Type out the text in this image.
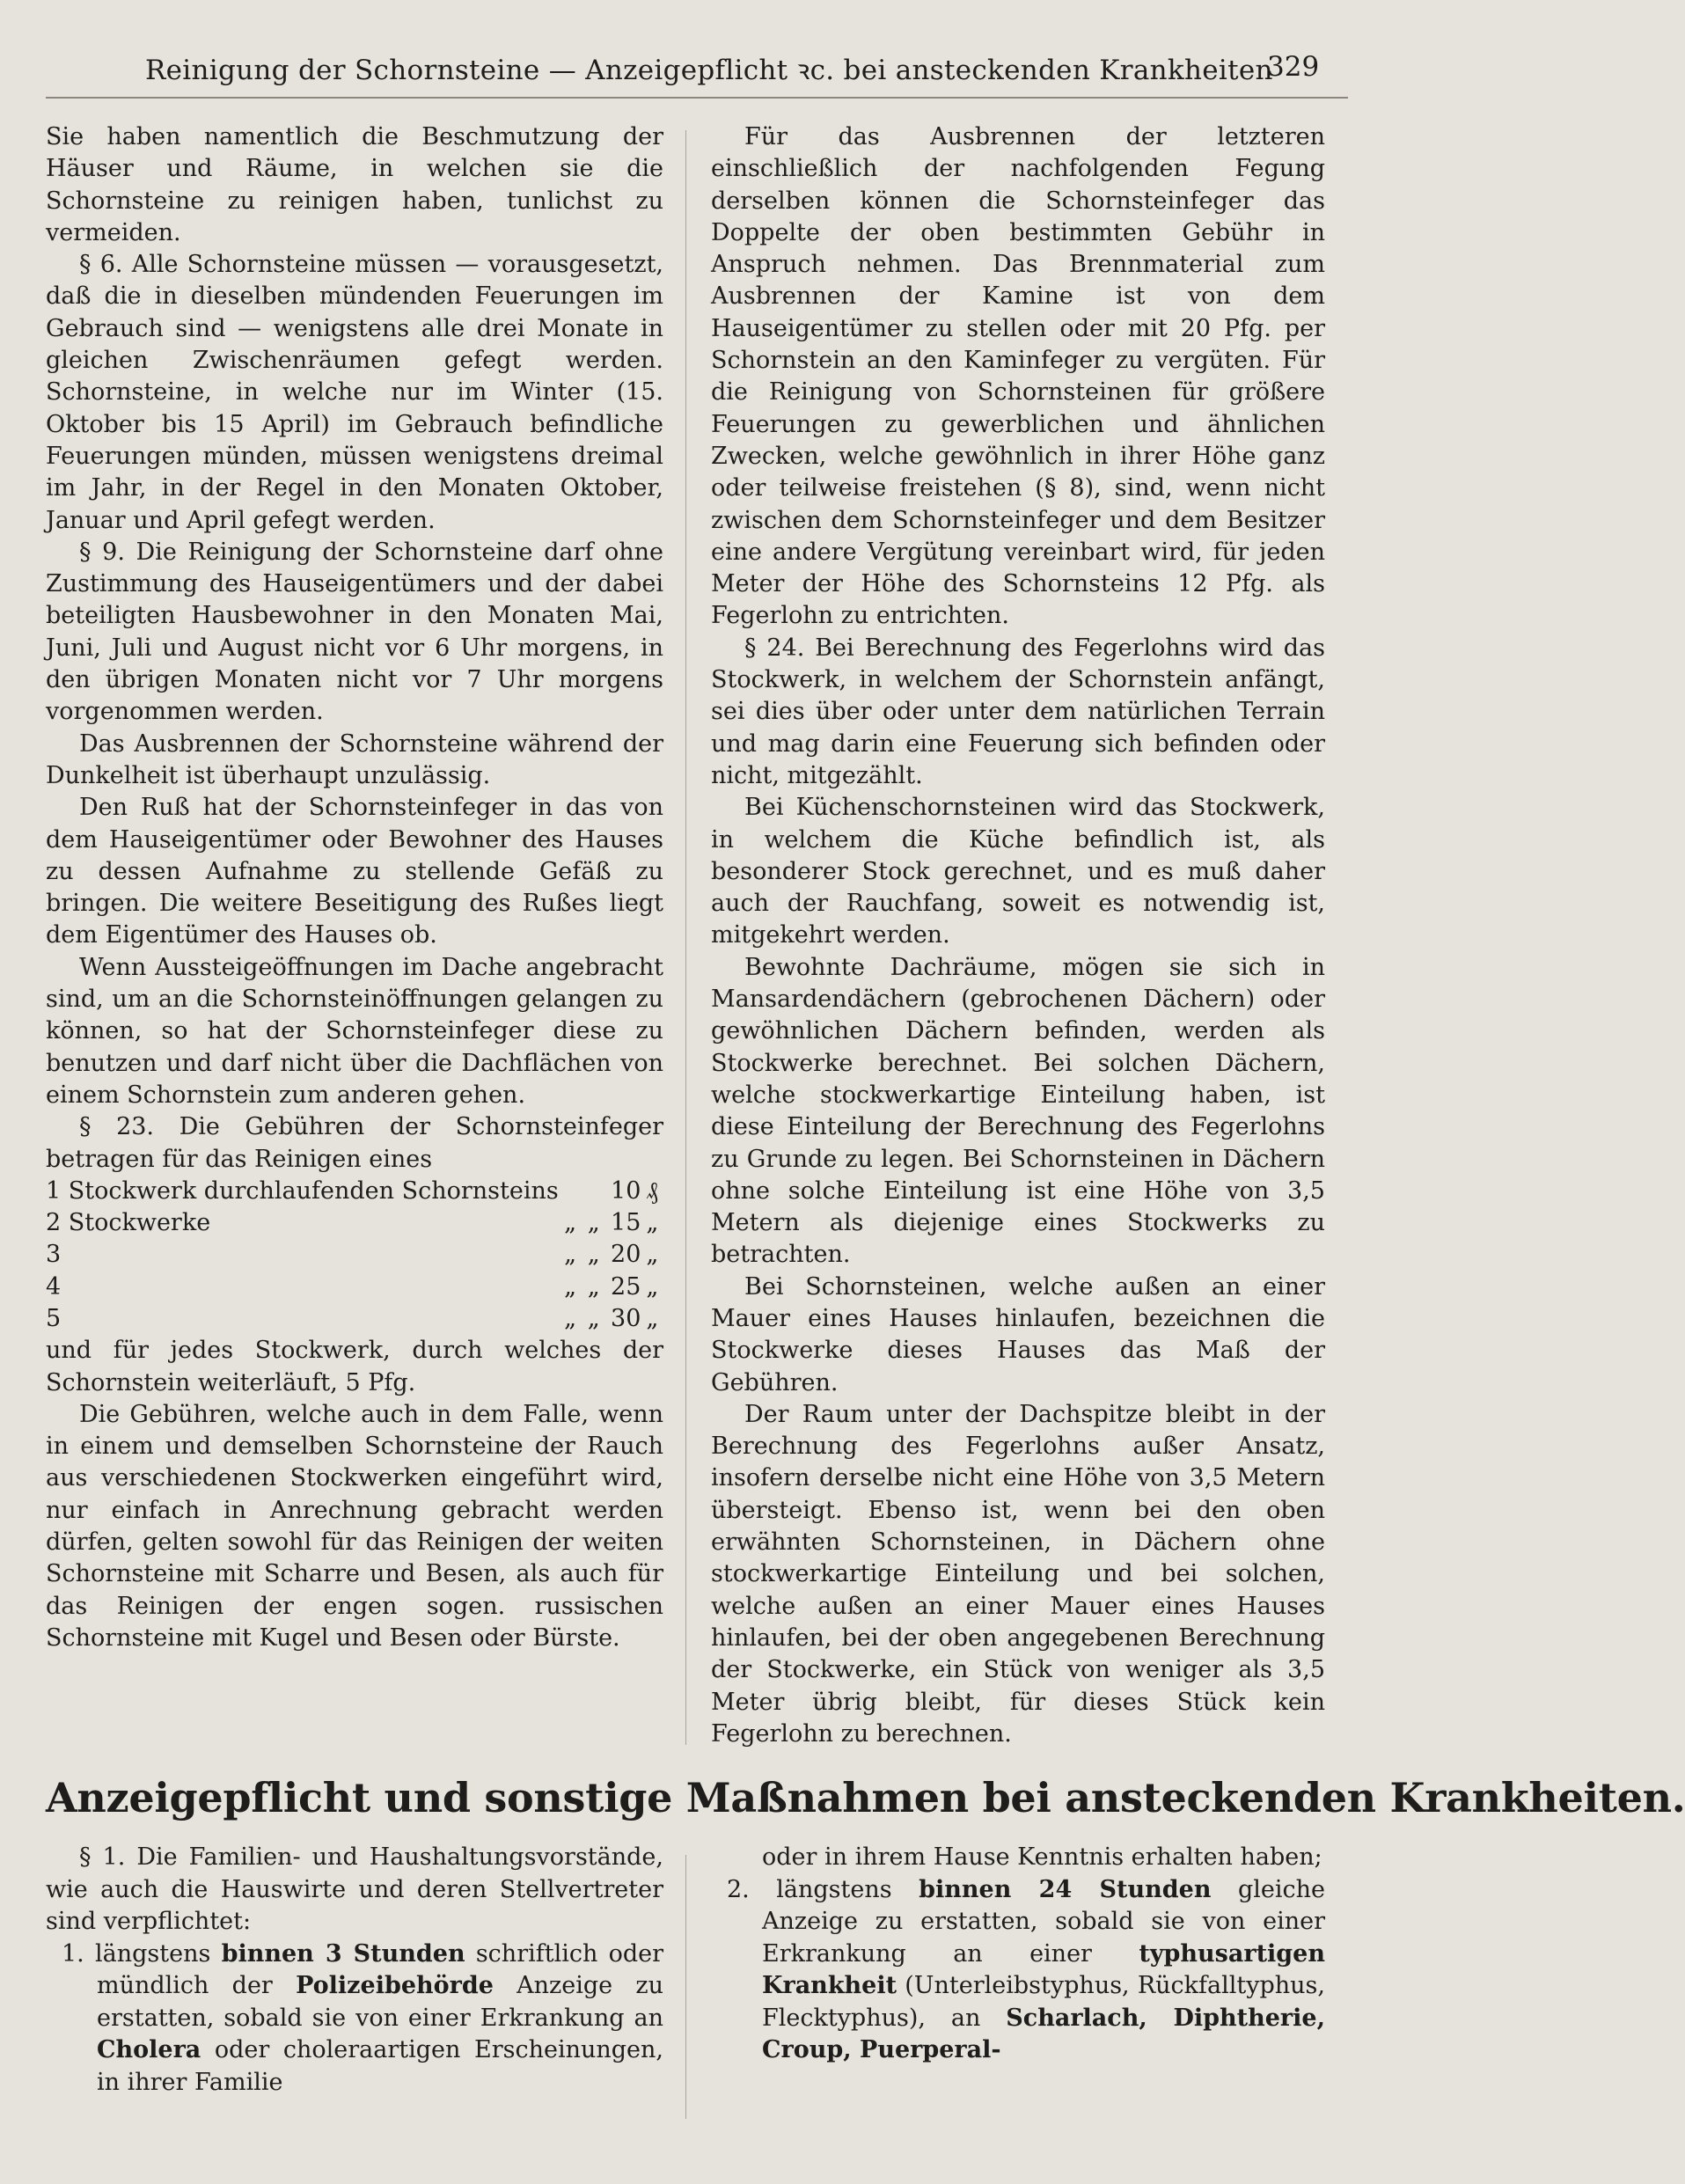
Reinigung der Schornsteine — Anzeigepflicht ꝛc. bei ansteckenden Krankheiten
329

Sie haben namentlich die Beschmutzung der Häuser und Räume, in welchen sie die Schornsteine zu reinigen haben, tunlichst zu vermeiden.

§ 6. Alle Schornsteine müssen — vorausgesetzt, daß die in dieselben mündenden Feuerungen im Gebrauch sind — wenigstens alle drei Monate in gleichen Zwischenräumen gefegt werden. Schornsteine, in welche nur im Winter (15. Oktober bis 15 April) im Gebrauch befindliche Feuerungen münden, müssen wenigstens dreimal im Jahr, in der Regel in den Monaten Oktober, Januar und April gefegt werden.

§ 9. Die Reinigung der Schornsteine darf ohne Zustimmung des Hauseigentümers und der dabei beteiligten Hausbewohner in den Monaten Mai, Juni, Juli und August nicht vor 6 Uhr morgens, in den übrigen Monaten nicht vor 7 Uhr morgens vorgenommen werden.

Das Ausbrennen der Schornsteine während der Dunkelheit ist überhaupt unzulässig.

Den Ruß hat der Schornsteinfeger in das von dem Hauseigentümer oder Bewohner des Hauses zu dessen Aufnahme zu stellende Gefäß zu bringen. Die weitere Beseitigung des Rußes liegt dem Eigentümer des Hauses ob.

Wenn Aussteigeöffnungen im Dache angebracht sind, um an die Schornsteinöffnungen gelangen zu können, so hat der Schornsteinfeger diese zu benutzen und darf nicht über die Dachflächen von einem Schornstein zum anderen gehen.

§ 23. Die Gebühren der Schornsteinfeger betragen für das Reinigen eines

1 Stockwerk durchlaufenden Schornsteins			10	₰
2 Stockwerke	„	„	15	„
3	„	„	20	„
4	„	„	25	„
5	„	„	30	„

und für jedes Stockwerk, durch welches der Schornstein weiterläuft, 5 Pfg.

Die Gebühren, welche auch in dem Falle, wenn in einem und demselben Schornsteine der Rauch aus verschiedenen Stockwerken eingeführt wird, nur einfach in Anrechnung gebracht werden dürfen, gelten sowohl für das Reinigen der weiten Schornsteine mit Scharre und Besen, als auch für das Reinigen der engen sogen. russischen Schornsteine mit Kugel und Besen oder Bürste.

Für das Ausbrennen der letzteren einschließlich der nachfolgenden Fegung derselben können die Schornsteinfeger das Doppelte der oben bestimmten Gebühr in Anspruch nehmen. Das Brennmaterial zum Ausbrennen der Kamine ist von dem Hauseigentümer zu stellen oder mit 20 Pfg. per Schornstein an den Kaminfeger zu vergüten. Für die Reinigung von Schornsteinen für größere Feuerungen zu gewerblichen und ähnlichen Zwecken, welche gewöhnlich in ihrer Höhe ganz oder teilweise freistehen (§ 8), sind, wenn nicht zwischen dem Schornsteinfeger und dem Besitzer eine andere Vergütung vereinbart wird, für jeden Meter der Höhe des Schornsteins 12 Pfg. als Fegerlohn zu entrichten.

§ 24. Bei Berechnung des Fegerlohns wird das Stockwerk, in welchem der Schornstein anfängt, sei dies über oder unter dem natürlichen Terrain und mag darin eine Feuerung sich befinden oder nicht, mitgezählt.

Bei Küchenschornsteinen wird das Stockwerk, in welchem die Küche befindlich ist, als besonderer Stock gerechnet, und es muß daher auch der Rauchfang, soweit es notwendig ist, mitgekehrt werden.

Bewohnte Dachräume, mögen sie sich in Mansardendächern (gebrochenen Dächern) oder gewöhnlichen Dächern befinden, werden als Stockwerke berechnet. Bei solchen Dächern, welche stockwerkartige Einteilung haben, ist diese Einteilung der Berechnung des Fegerlohns zu Grunde zu legen. Bei Schornsteinen in Dächern ohne solche Einteilung ist eine Höhe von 3,5 Metern als diejenige eines Stockwerks zu betrachten.

Bei Schornsteinen, welche außen an einer Mauer eines Hauses hinlaufen, bezeichnen die Stockwerke dieses Hauses das Maß der Gebühren.

Der Raum unter der Dachspitze bleibt in der Berechnung des Fegerlohns außer Ansatz, insofern derselbe nicht eine Höhe von 3,5 Metern übersteigt. Ebenso ist, wenn bei den oben erwähnten Schornsteinen, in Dächern ohne stockwerkartige Einteilung und bei solchen, welche außen an einer Mauer eines Hauses hinlaufen, bei der oben angegebenen Berechnung der Stockwerke, ein Stück von weniger als 3,5 Meter übrig bleibt, für dieses Stück kein Fegerlohn zu berechnen.

Anzeigepflicht und sonstige Maßnahmen bei ansteckenden Krankheiten.

§ 1. Die Familien- und Haushaltungsvorstände, wie auch die Hauswirte und deren Stellvertreter sind verpflichtet:

1. längstens binnen 3 Stunden schriftlich oder mündlich der Polizeibehörde Anzeige zu erstatten, sobald sie von einer Erkrankung an Cholera oder choleraartigen Erscheinungen, in ihrer Familie

oder in ihrem Hause Kenntnis erhalten haben;

2. längstens binnen 24 Stunden gleiche Anzeige zu erstatten, sobald sie von einer Erkrankung an einer typhusartigen Krankheit (Unterleibstyphus, Rückfalltyphus, Flecktyphus), an Scharlach, Diphtherie, Croup, Puerperal-
